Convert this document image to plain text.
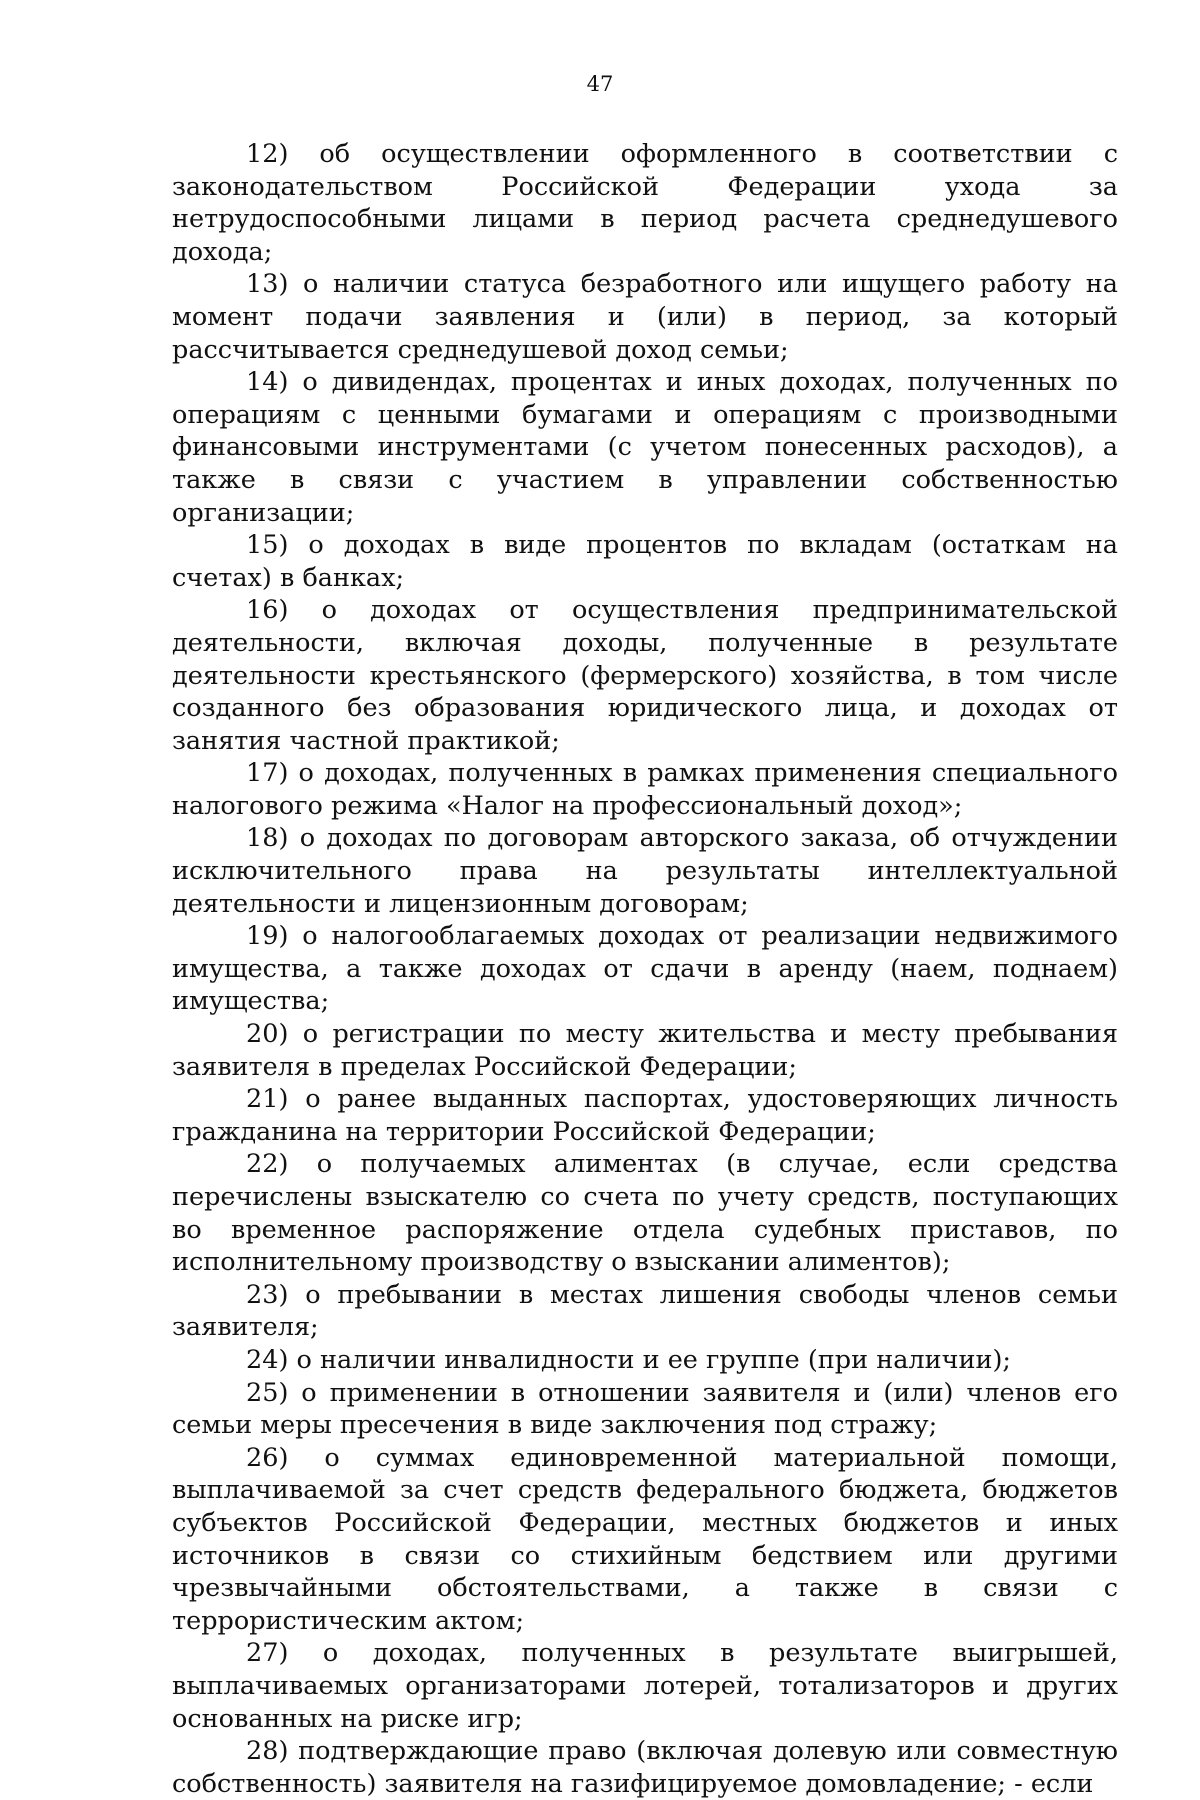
47

12) об осуществлении оформленного в соответствии с законодательством Российской Федерации ухода за нетрудоспособными лицами в период расчета среднедушевого дохода;

13) о наличии статуса безработного или ищущего работу на момент подачи заявления и (или) в период, за который рассчитывается среднедушевой доход семьи;

14) о дивидендах, процентах и иных доходах, полученных по операциям с ценными бумагами и операциям с производными финансовыми инструментами (с учетом понесенных расходов), а также в связи с участием в управлении собственностью организации;

15) о доходах в виде процентов по вкладам (остаткам на счетах) в банках;

16) о доходах от осуществления предпринимательской деятельности, включая доходы, полученные в результате деятельности крестьянского (фермерского) хозяйства, в том числе созданного без образования юридического лица, и доходах от занятия частной практикой;

17) о доходах, полученных в рамках применения специального налогового режима «Налог на профессиональный доход»;

18) о доходах по договорам авторского заказа, об отчуждении исключительного права на результаты интеллектуальной деятельности и лицензионным договорам;

19) о налогооблагаемых доходах от реализации недвижимого имущества, а также доходах от сдачи в аренду (наем, поднаем) имущества;

20) о регистрации по месту жительства и месту пребывания заявителя в пределах Российской Федерации;

21) о ранее выданных паспортах, удостоверяющих личность гражданина на территории Российской Федерации;

22) о получаемых алиментах (в случае, если средства перечислены взыскателю со счета по учету средств, поступающих во временное распоряжение отдела судебных приставов, по исполнительному производству о взыскании алиментов);

23) о пребывании в местах лишения свободы членов семьи заявителя;

24) о наличии инвалидности и ее группе (при наличии);

25) о применении в отношении заявителя и (или) членов его семьи меры пресечения в виде заключения под стражу;

26) о суммах единовременной материальной помощи, выплачиваемой за счет средств федерального бюджета, бюджетов субъектов Российской Федерации, местных бюджетов и иных источников в связи со стихийным бедствием или другими чрезвычайными обстоятельствами, а также в связи с террористическим актом;

27) о доходах, полученных в результате выигрышей, выплачиваемых организаторами лотерей, тотализаторов и других основанных на риске игр;

28) подтверждающие право (включая долевую или совместную собственность) заявителя на газифицируемое домовладение; - если
